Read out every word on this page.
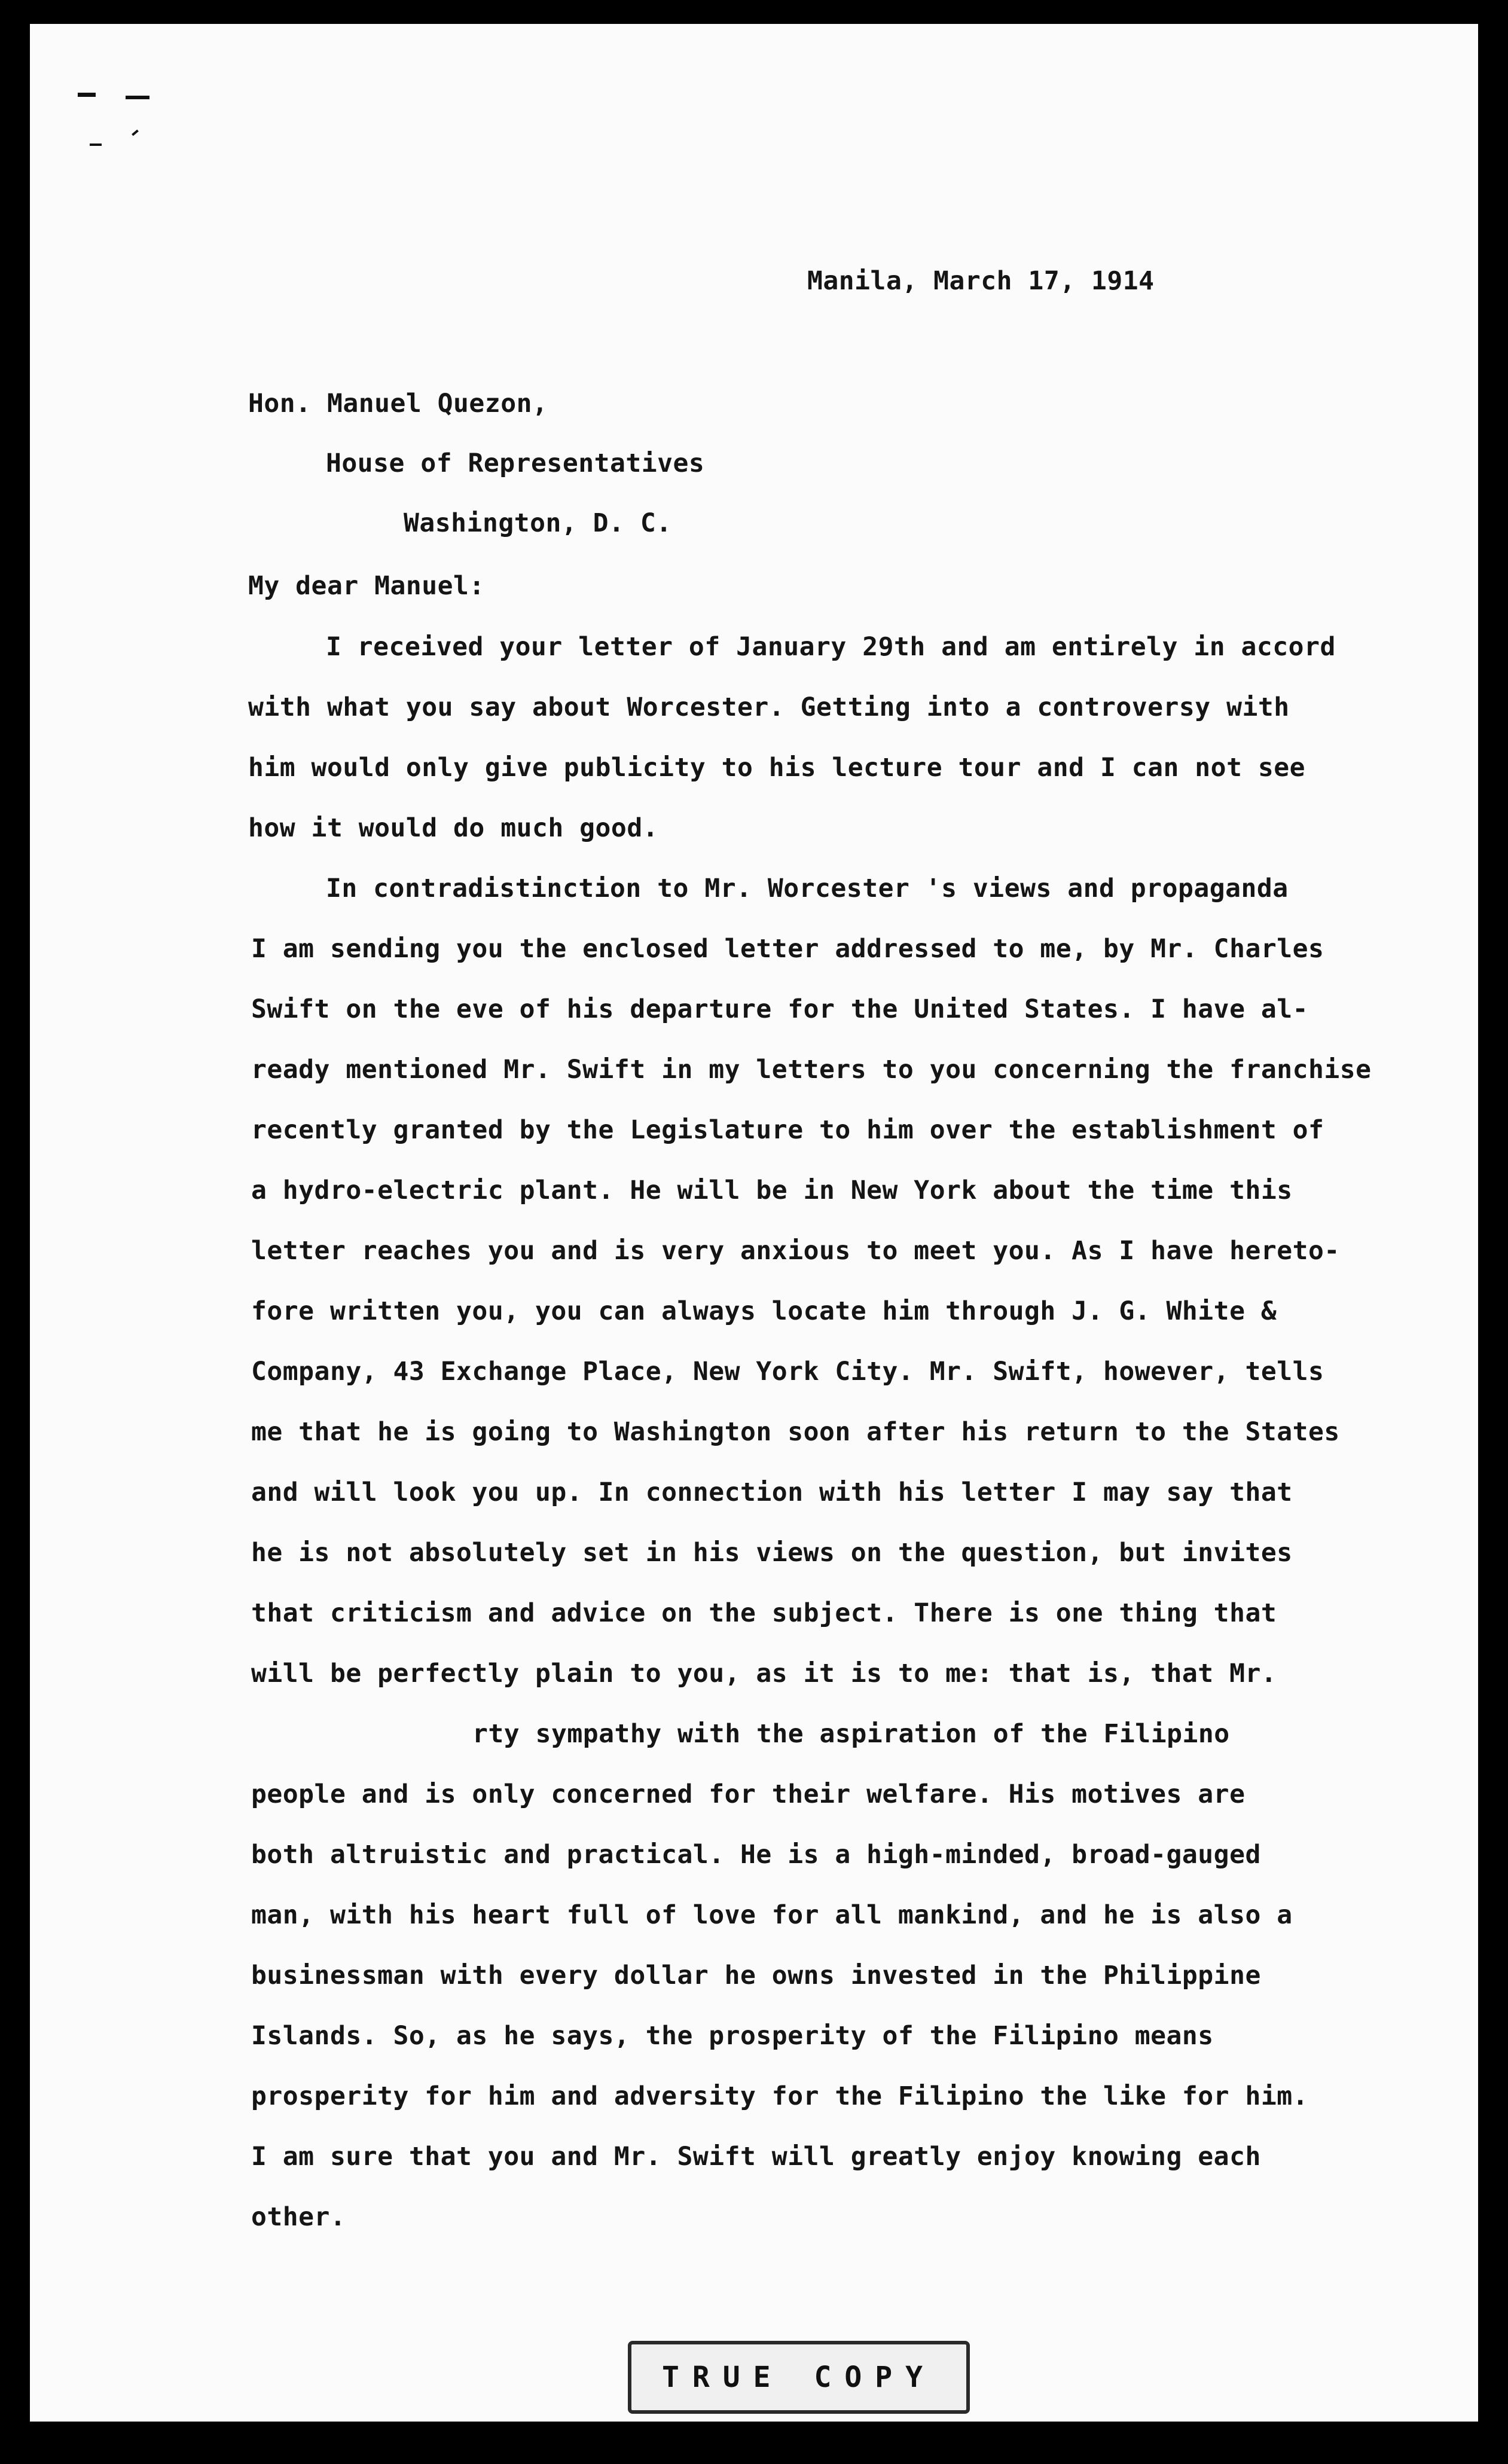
Manila, March 17, 1914
Hon. Manuel Quezon,
House of Representatives
Washington, D. C.
My dear Manuel:
I received your letter of January 29th and am entirely in accord
with what you say about Worcester. Getting into a controversy with
him would only give publicity to his lecture tour and I can not see
how it would do much good.
In contradistinction to Mr. Worcester 's views and propaganda
I am sending you the enclosed letter addressed to me, by Mr. Charles
Swift on the eve of his departure for the United States. I have al-
ready mentioned Mr. Swift in my letters to you concerning the franchise
recently granted by the Legislature to him over the establishment of
a hydro-electric plant. He will be in New York about the time this
letter reaches you and is very anxious to meet you. As I have hereto-
fore written you, you can always locate him through J. G. White &
Company, 43 Exchange Place, New York City. Mr. Swift, however, tells
me that he is going to Washington soon after his return to the States
and will look you up. In connection with his letter I may say that
he is not absolutely set in his views on the question, but invites
that criticism and advice on the subject. There is one thing that
will be perfectly plain to you, as it is to me: that is, that Mr.
rty sympathy with the aspiration of the Filipino
people and is only concerned for their welfare. His motives are
both altruistic and practical. He is a high-minded, broad-gauged
man, with his heart full of love for all mankind, and he is also a
businessman with every dollar he owns invested in the Philippine
Islands. So, as he says, the prosperity of the Filipino means
prosperity for him and adversity for the Filipino the like for him.
I am sure that you and Mr. Swift will greatly enjoy knowing each
other.
TRUE COPY
